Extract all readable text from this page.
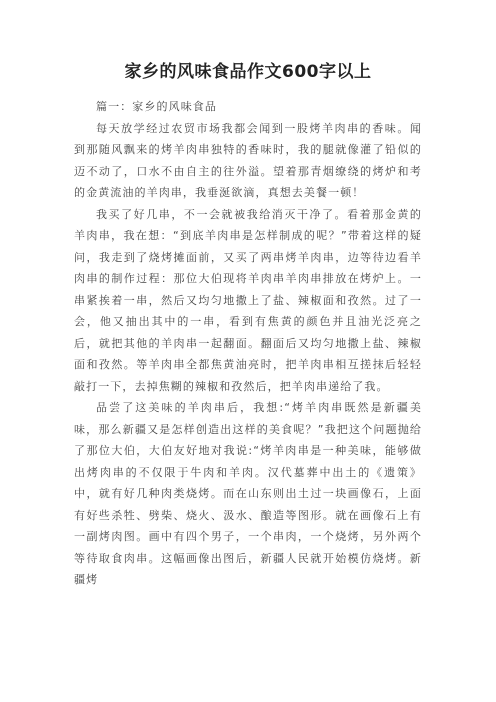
家乡的风味食品作文600字以上

篇一：家乡的风味食品

每天放学经过农贸市场我都会闻到一股烤羊肉串的香味。闻到那随风飘来的烤羊肉串独特的香味时，我的腿就像灌了铅似的迈不动了，口水不由自主的往外溢。望着那青烟缭绕的烤炉和考的金黄流油的羊肉串，我垂涎欲滴，真想去美餐一顿！

我买了好几串，不一会就被我给消灭干净了。看着那金黄的羊肉串，我在想：“到底羊肉串是怎样制成的呢？”带着这样的疑问，我走到了烧烤摊面前，又买了两串烤羊肉串，边等待边看羊肉串的制作过程：那位大伯现将羊肉串羊肉串排放在烤炉上。一串紧挨着一串，然后又均匀地撒上了盐、辣椒面和孜然。过了一会，他又抽出其中的一串，看到有焦黄的颜色并且油光泛亮之后，就把其他的羊肉串一起翻面。翻面后又均匀地撒上盐、辣椒面和孜然。等羊肉串全都焦黄油亮时，把羊肉串相互搓抹后轻轻敲打一下，去掉焦糊的辣椒和孜然后，把羊肉串递给了我。

品尝了这美味的羊肉串后，我想:“烤羊肉串既然是新疆美味，那么新疆又是怎样创造出这样的美食呢？”我把这个问题抛给了那位大伯，大伯友好地对我说:“烤羊肉串是一种美味，能够做出烤肉串的不仅限于牛肉和羊肉。汉代墓葬中出土的《遗策》中，就有好几种肉类烧烤。而在山东则出土过一块画像石，上面有好些杀牲、劈柴、烧火、汲水、酿造等图形。就在画像石上有一副烤肉图。画中有四个男子，一个串肉，一个烧烤，另外两个等待取食肉串。这幅画像出图后，新疆人民就开始模仿烧烤。新疆烤
